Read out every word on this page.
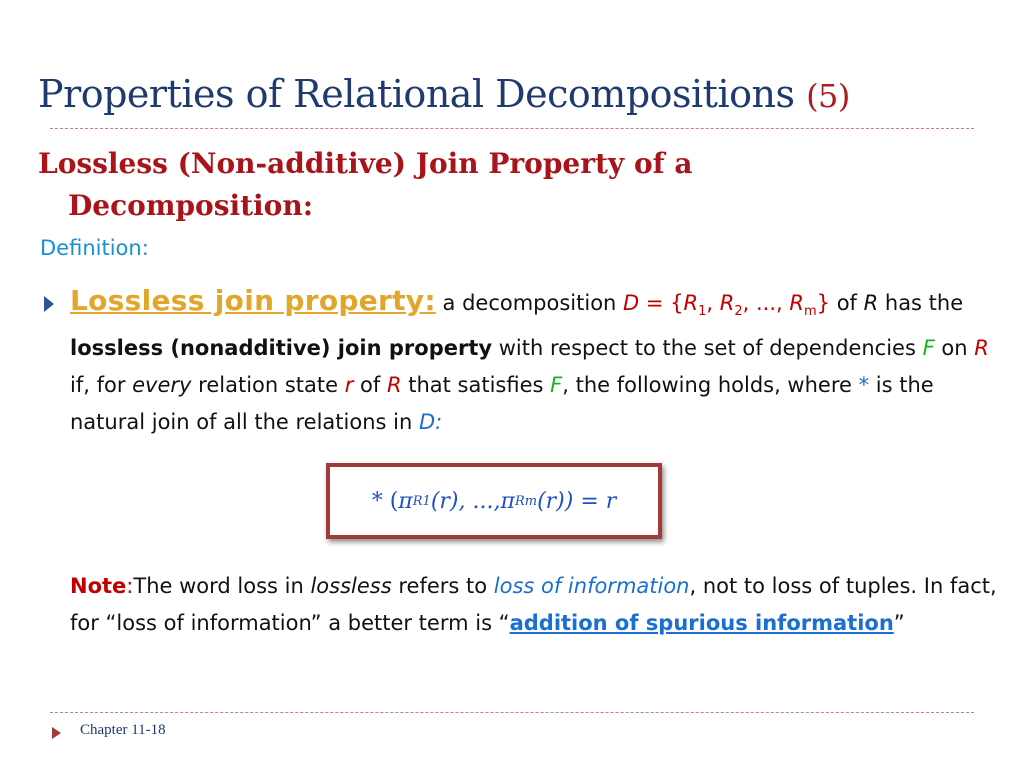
Properties of Relational Decompositions (5)
Lossless (Non-additive) Join Property of a
Decomposition:
Definition:
Lossless join property: a decomposition $D = \{R_1$, $R_2$, ..., $R_m$} of R has the lossless (nonadditive) join property with respect to the set of dependencies F on R if, for every relation state r of R that satisfies F, the following holds, where * is the natural join of all the relations in D:
* ( π R1 (r), ..., π Rm (r)) = r
Note:The word loss in lossless refers to loss of information, not to loss of tuples. In fact, for “loss of information” a better term is “addition of spurious information”
Chapter 11-18
